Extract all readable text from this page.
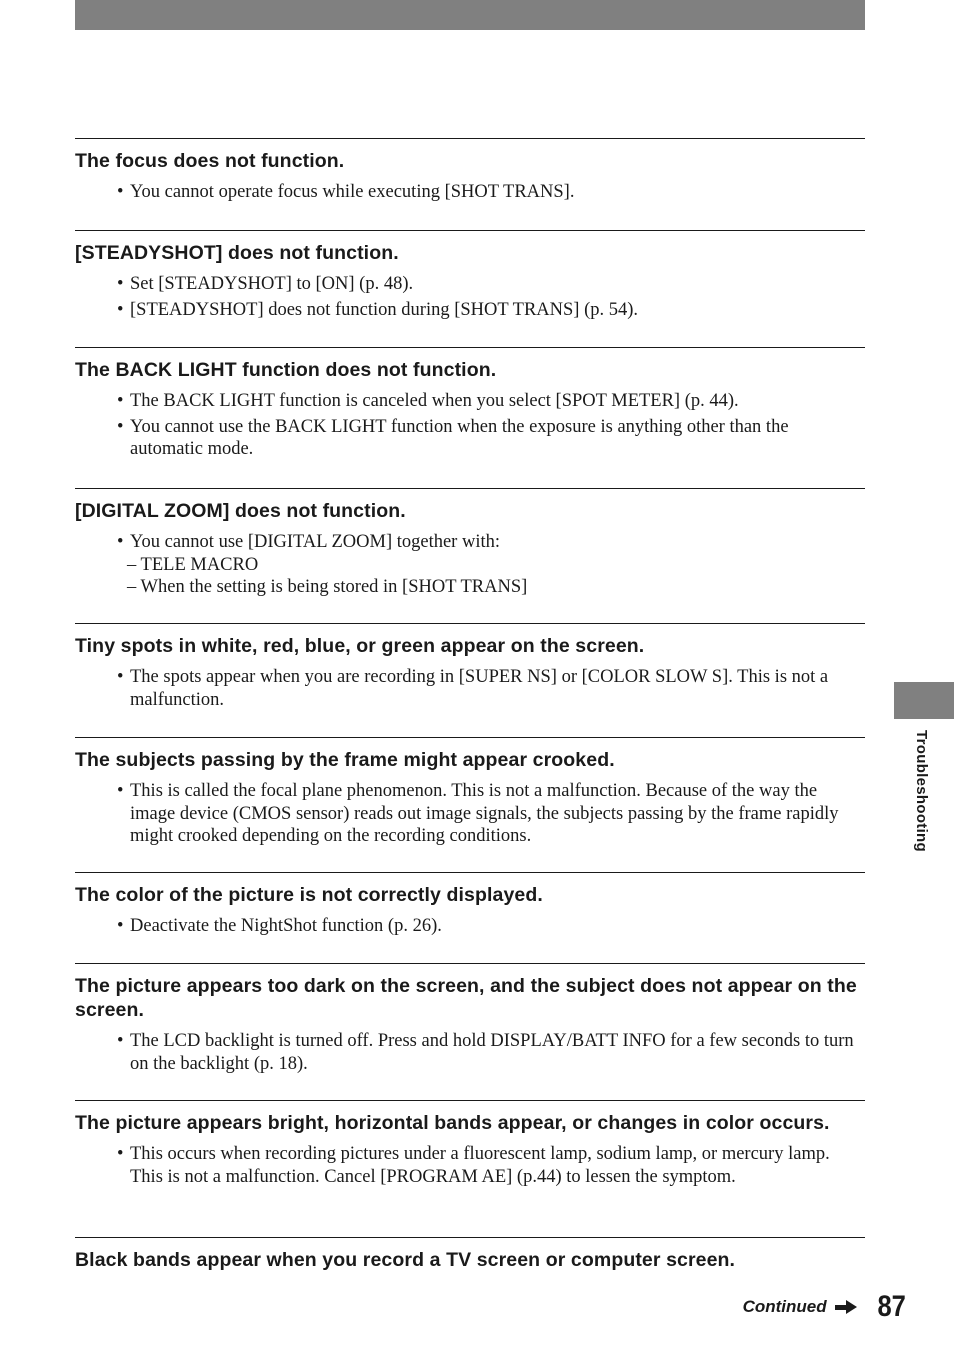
The focus does not function.
• You cannot operate focus while executing [SHOT TRANS].
[STEADYSHOT] does not function.
• Set [STEADYSHOT] to [ON] (p. 48).
• [STEADYSHOT] does not function during [SHOT TRANS] (p. 54).
The BACK LIGHT function does not function.
• The BACK LIGHT function is canceled when you select [SPOT METER] (p. 44).
• You cannot use the BACK LIGHT function when the exposure is anything other than the automatic mode.
[DIGITAL ZOOM] does not function.
• You cannot use [DIGITAL ZOOM] together with:
– TELE MACRO
– When the setting is being stored in [SHOT TRANS]
Tiny spots in white, red, blue, or green appear on the screen.
• The spots appear when you are recording in [SUPER NS] or [COLOR SLOW S]. This is not a malfunction.
The subjects passing by the frame might appear crooked.
• This is called the focal plane phenomenon. This is not a malfunction. Because of the way the image device (CMOS sensor) reads out image signals, the subjects passing by the frame rapidly might crooked depending on the recording conditions.
The color of the picture is not correctly displayed.
• Deactivate the NightShot function (p. 26).
The picture appears too dark on the screen, and the subject does not appear on the screen.
• The LCD backlight is turned off. Press and hold DISPLAY/BATT INFO for a few seconds to turn on the backlight (p. 18).
The picture appears bright, horizontal bands appear, or changes in color occurs.
• This occurs when recording pictures under a fluorescent lamp, sodium lamp, or mercury lamp. This is not a malfunction. Cancel [PROGRAM AE] (p.44) to lessen the symptom.
Black bands appear when you record a TV screen or computer screen.
Troubleshooting
Continued 87
